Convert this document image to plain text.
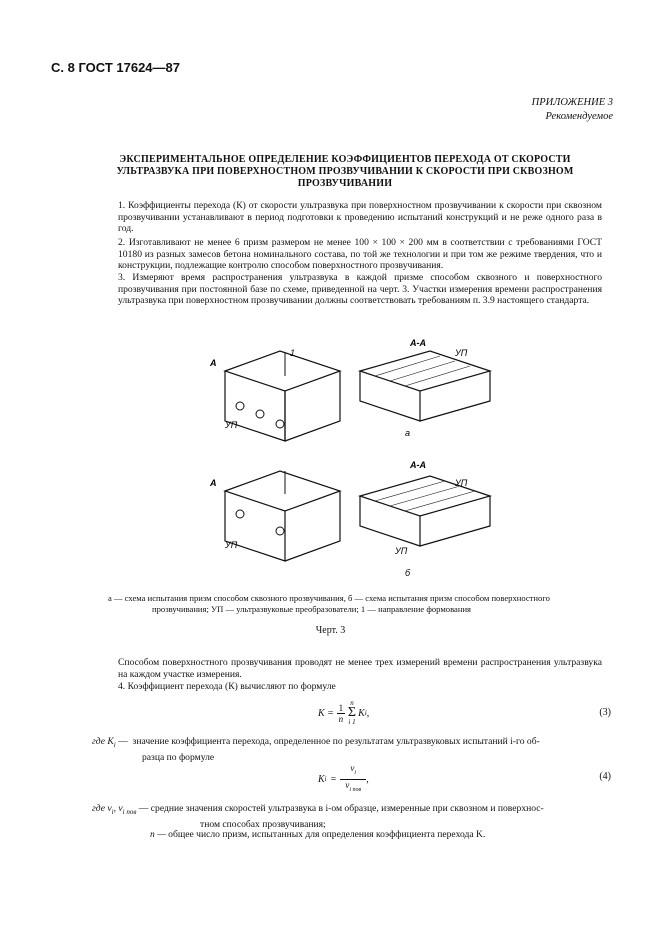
С. 8 ГОСТ 17624—87
ПРИЛОЖЕНИЕ 3
Рекомендуемое
ЭКСПЕРИМЕНТАЛЬНОЕ ОПРЕДЕЛЕНИЕ КОЭФФИЦИЕНТОВ ПЕРЕХОДА ОТ СКОРОСТИ УЛЬТРАЗВУКА ПРИ ПОВЕРХНОСТНОМ ПРОЗВУЧИВАНИИ К СКОРОСТИ ПРИ СКВОЗНОМ ПРОЗВУЧИВАНИИ
1. Коэффициенты перехода (К) от скорости ультразвука при поверхностном прозвучивании к скорости при сквозном прозвучивании устанавливают в период подготовки к проведению испытаний конструкций и не реже одного раза в год.
2. Изготавливают не менее 6 призм размером не менее 100 × 100 × 200 мм в соответствии с требованиями ГОСТ 10180 из разных замесов бетона номинального состава, по той же технологии и при том же режиме твердения, что и конструкции, подлежащие контролю способом поверхностного прозвучивания.
3. Измеряют время распространения ультразвука в каждой призме способом сквозного и поверхностного прозвучивания при постоянной базе по схеме, приведенной на черт. 3. Участки измерения времени распространения ультразвука при поверхностном прозвучивании должны соответствовать требованиям п. 3.9 настоящего стандарта.
1
А
УП
А-А
УП
а
А
УП
А-А
УП
УП
б
а — схема испытания призм способом сквозного прозвучивания, б — схема испытания призм способом поверхностного
прозвучивания; УП — ультразвуковые преобразователи; 1 — направление формования
Черт. 3
Способом поверхностного прозвучивания проводят не менее трех измерений времени распространения ультразвука на каждом участке измерения.
4. Коэффициент перехода (К) вычисляют по формуле
K = 1
n
n
Σ
i 1
K i ,	(3)
где $K_i$ — значение коэффициента перехода, определенное по результатам ультразвуковых испытаний i-го об-
разца по формуле
K i =
$v_i$
$v_{i пов}$
,	(4)
где $v_i$, $v_{i пов}$ — средние значения скоростей ультразвука в i-ом образце, измеренные при сквозном и поверхнос-
тном способах прозвучивания;
n — общее число призм, испытанных для определения коэффициента перехода K.
